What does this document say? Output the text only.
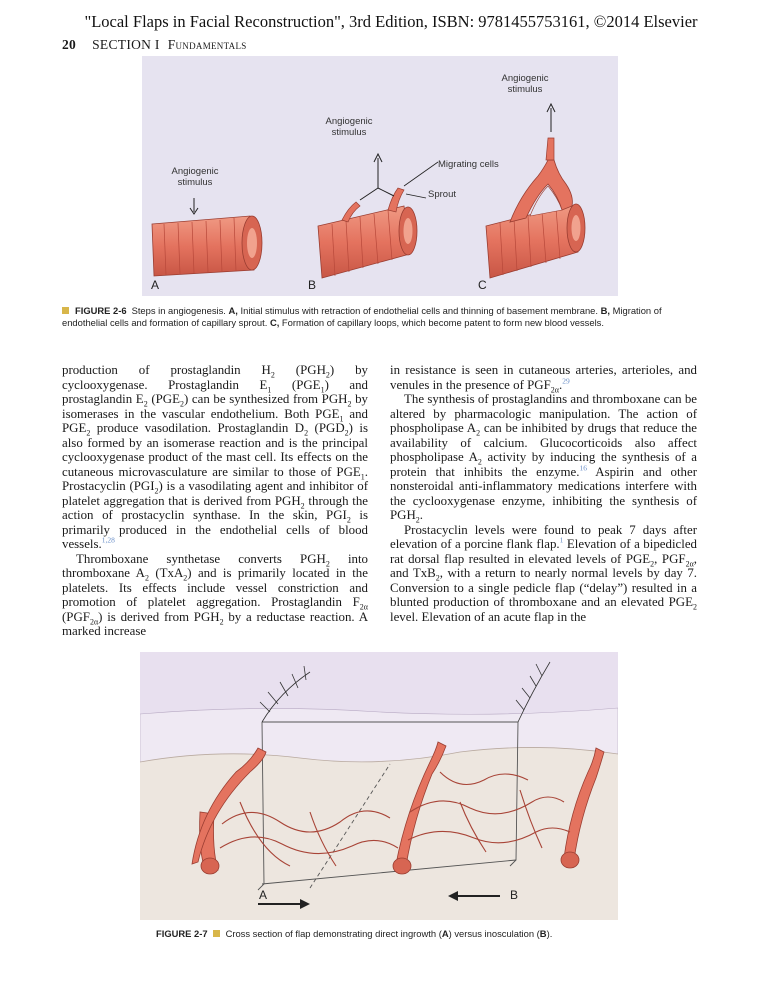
"Local Flaps in Facial Reconstruction", 3rd Edition, ISBN: 9781455753161, ©2014 Elsevier
20 SECTION I Fundamentals
Angiogenic
stimulus
Angiogenic
stimulus
Angiogenic
stimulus
Migrating cells
Sprout
A	B	C
FIGURE 2-6 Steps in angiogenesis. A, Initial stimulus with retraction of endothelial cells and thinning of basement membrane. B, Migration of endothelial cells and formation of capillary sprout. C, Formation of capillary loops, which become patent to form new blood vessels.

production of prostaglandin $H_2$ $(PGH_2)$ by cyclooxygenase. Prostaglandin $E_1$ $(PGE_1)$ and prostaglandin $E_2$ $(PGE_2)$ can be synthesized from $PGH_2$ by isomerases in the vascular endothelium. Both $PGE_1$ and $PGE_2$ produce vasodilation. Prostaglandin $D_2$ $(PGD_2)$ is also formed by an isomerase reaction and is the principal cyclooxygenase product of the mast cell. Its effects on the cutaneous microvasculature are similar to those of $PGE_1$. Prostacyclin $(PGI_2)$ is a vasodilating agent and inhibitor of platelet aggregation that is derived from $PGH_2$ through the action of prostacyclin synthase. In the skin, $PGI_2$ is primarily produced in the endothelial cells of blood vessels.$^{1,28}$

Thromboxane synthetase converts $PGH_2$ into thromboxane $A_2$ (TxA$_2$) and is primarily located in the platelets. Its effects include vessel constriction and promotion of platelet aggregation. Prostaglandin $F_{2\alpha}$ $(PGF_{2\alpha})$ is derived from $PGH_2$ by a reductase reaction. A marked increase

in resistance is seen in cutaneous arteries, arterioles, and venules in the presence of $PGF_{2\alpha}.^{29}$

The synthesis of prostaglandins and thromboxane can be altered by pharmacologic manipulation. The action of phospholipase $A_2$ can be inhibited by drugs that reduce the availability of calcium. Glucocorticoids also affect phospholipase $A_2$ activity by inducing the synthesis of a protein that inhibits the enzyme.$^{16}$ Aspirin and other nonsteroidal anti-inflammatory medications interfere with the cyclooxygenase enzyme, inhibiting the synthesis of $PGH_2$.

Prostacyclin levels were found to peak 7 days after elevation of a porcine flank flap.$^1$ Elevation of a bipedicled rat dorsal flap resulted in elevated levels of $PGE_2$, $PGF_{2\alpha}$, and TxB$_2$, with a return to nearly normal levels by day 7. Conversion to a single pedicle flap (“delay”) resulted in a blunted production of thromboxane and an elevated $PGE_2$ level. Elevation of an acute flap in the

A	B
FIGURE 2-7 Cross section of flap demonstrating direct ingrowth (A) versus inosculation (B).
